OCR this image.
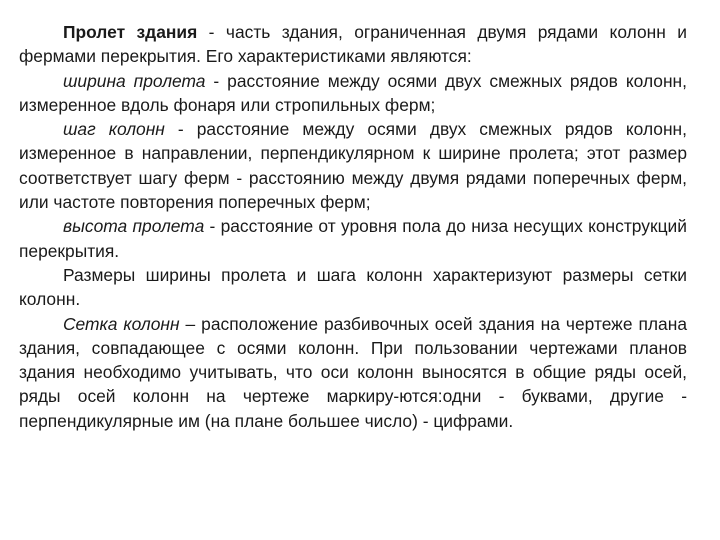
Пролет здания - часть здания, ограниченная двумя рядами колонн и фермами перекрытия. Его характеристиками являются:

ширина пролета - расстояние между осями двух смежных рядов колонн, измеренное вдоль фонаря или стропильных ферм;

шаг колонн - расстояние между осями двух смежных рядов колонн, измеренное в направлении, перпендикулярном к ширине пролета; этот размер соответствует шагу ферм - расстоянию между двумя рядами поперечных ферм, или частоте повторения поперечных ферм;

высота пролета - расстояние от уровня пола до низа несущих конструкций перекрытия.

Размеры ширины пролета и шага колонн характеризуют размеры сетки колонн.

Сетка колонн – расположение разбивочных осей здания на чертеже плана здания, совпадающее с осями колонн. При пользовании чертежами планов здания необходимо учитывать, что оси колонн выносятся в общие ряды осей, ряды осей колонн на чертеже маркиру-ются:одни - буквами, другие - перпендикулярные им (на плане большее число) - цифрами.
